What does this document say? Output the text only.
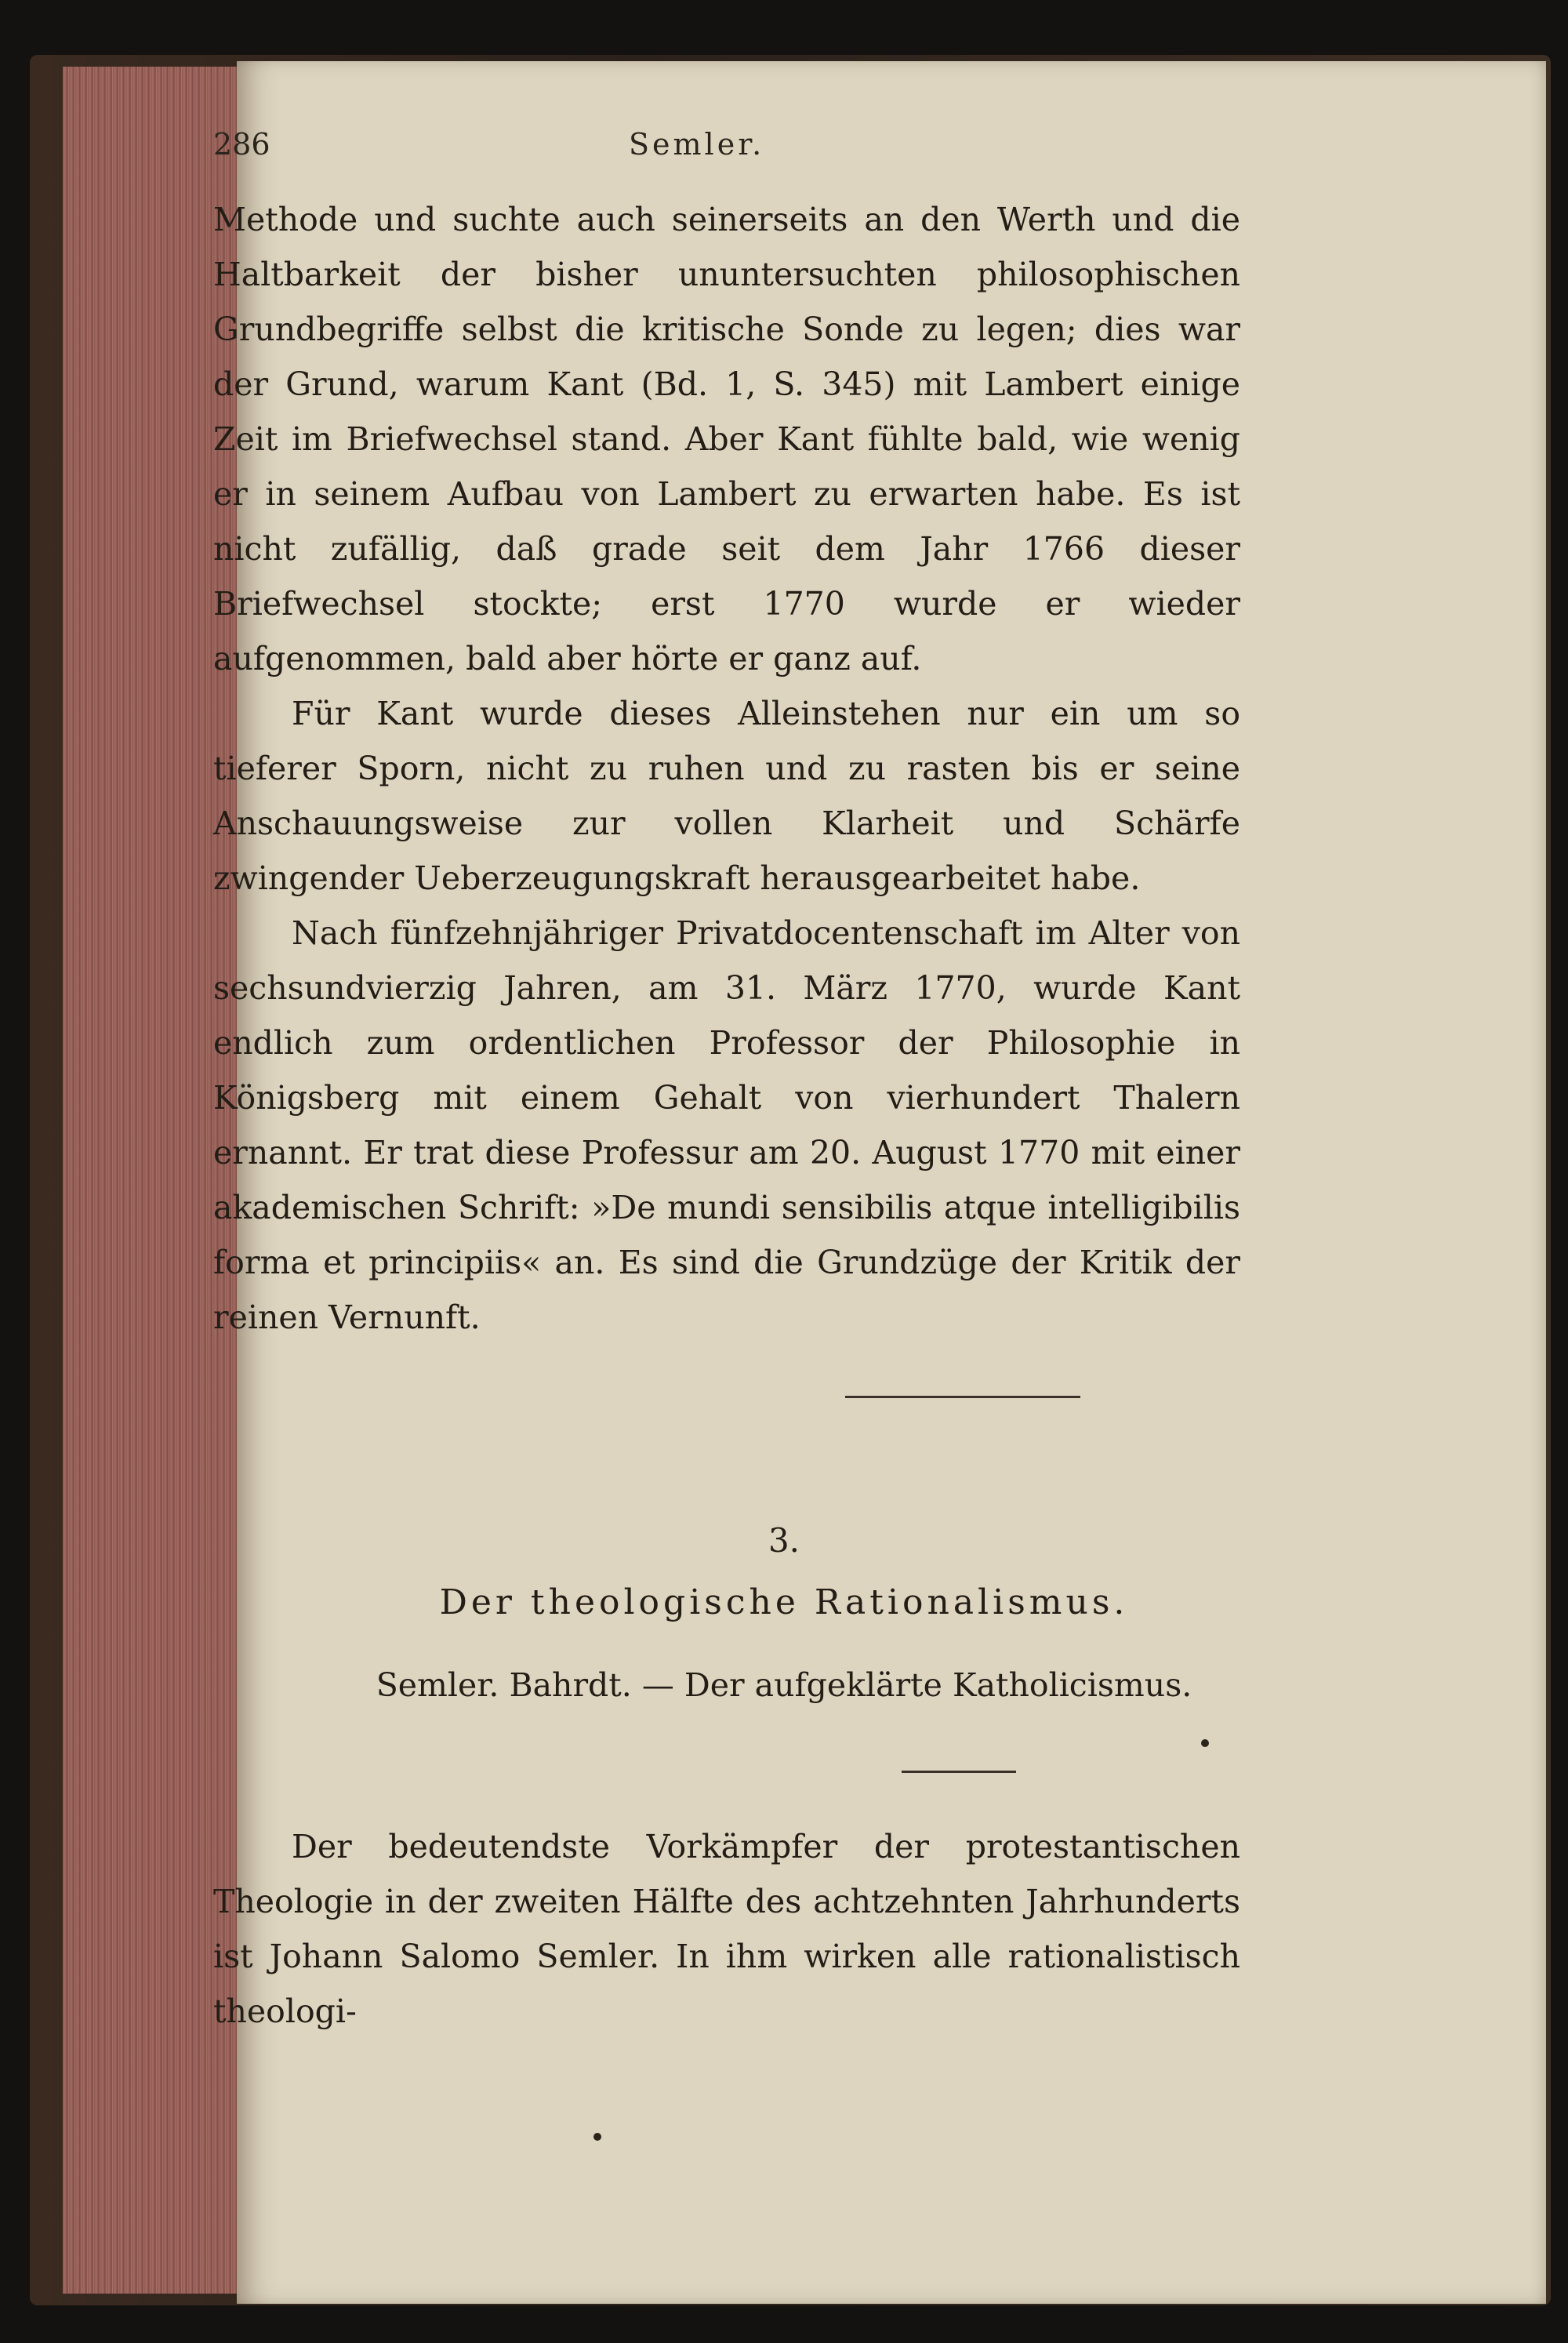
286	Semler.

Methode und suchte auch seinerseits an den Werth und die Haltbarkeit der bisher ununtersuchten philosophischen Grundbegriffe selbst die kritische Sonde zu legen; dies war der Grund, warum Kant (Bd. 1, S. 345) mit Lambert einige Zeit im Briefwechsel stand. Aber Kant fühlte bald, wie wenig er in seinem Aufbau von Lambert zu erwarten habe. Es ist nicht zufällig, daß grade seit dem Jahr 1766 dieser Briefwechsel stockte; erst 1770 wurde er wieder aufgenommen, bald aber hörte er ganz auf.

Für Kant wurde dieses Alleinstehen nur ein um so tieferer Sporn, nicht zu ruhen und zu rasten bis er seine Anschauungsweise zur vollen Klarheit und Schärfe zwingender Ueberzeugungskraft herausgearbeitet habe.

Nach fünfzehnjähriger Privatdocentenschaft im Alter von sechsundvierzig Jahren, am 31. März 1770, wurde Kant endlich zum ordentlichen Professor der Philosophie in Königsberg mit einem Gehalt von vierhundert Thalern ernannt. Er trat diese Professur am 20. August 1770 mit einer akademischen Schrift: »De mundi sensibilis atque intelligibilis forma et principiis« an. Es sind die Grundzüge der Kritik der reinen Vernunft.

3.
Der theologische Rationalismus.
Semler. Bahrdt. — Der aufgeklärte Katholicismus.

Der bedeutendste Vorkämpfer der protestantischen Theologie in der zweiten Hälfte des achtzehnten Jahrhunderts ist Johann Salomo Semler. In ihm wirken alle rationalistisch theologi-
